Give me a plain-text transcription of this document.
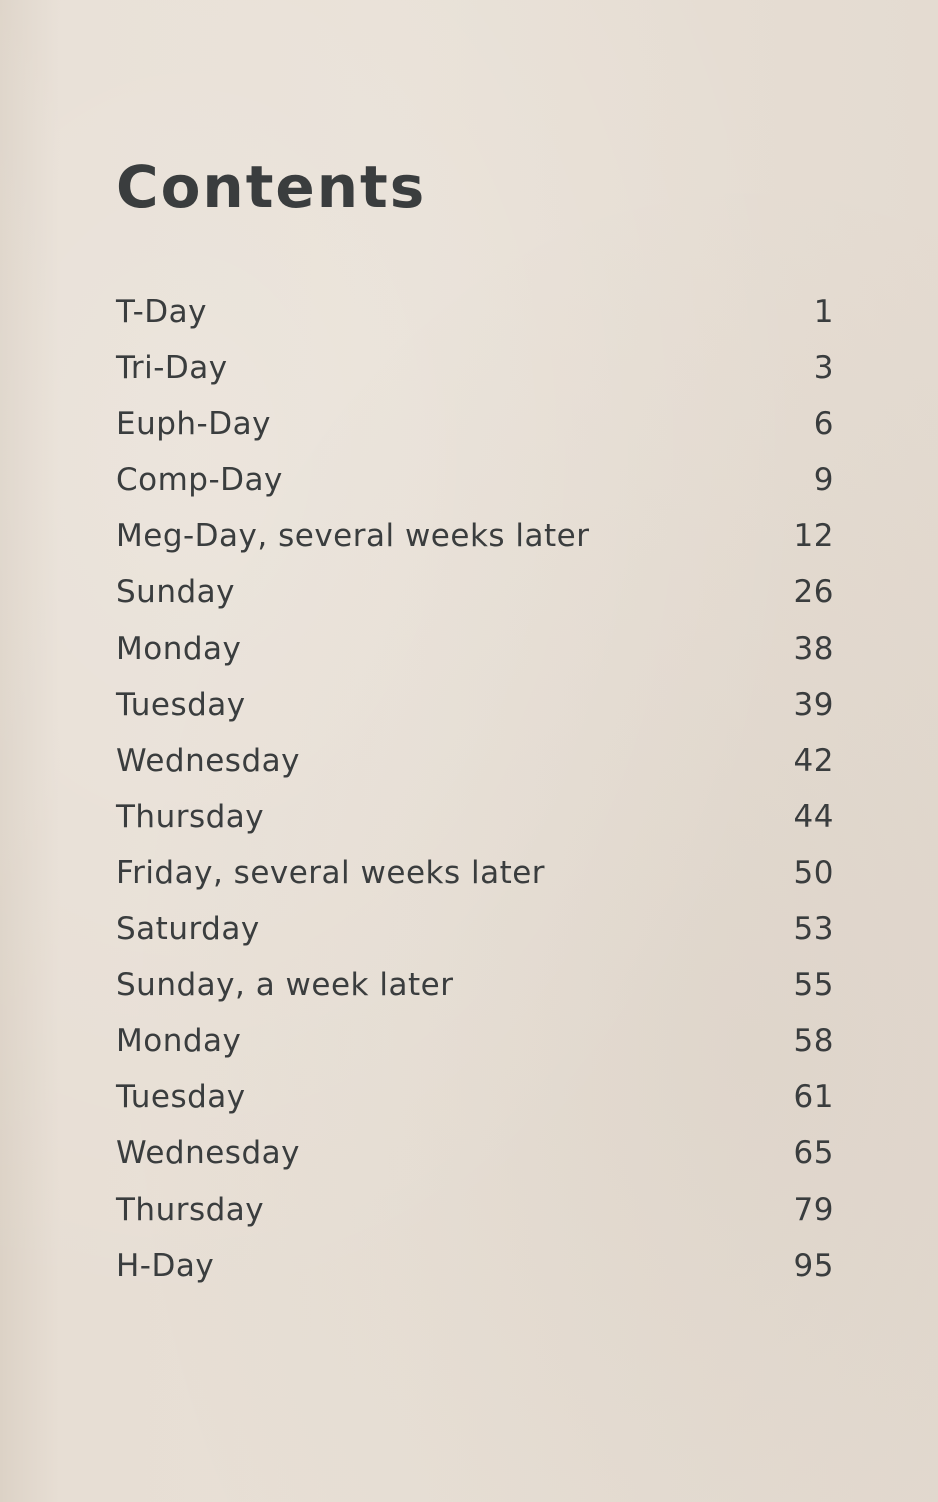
Contents
T-Day	1
Tri-Day	3
Euph-Day	6
Comp-Day	9
Meg-Day, several weeks later	12
Sunday	26
Monday	38
Tuesday	39
Wednesday	42
Thursday	44
Friday, several weeks later	50
Saturday	53
Sunday, a week later	55
Monday	58
Tuesday	61
Wednesday	65
Thursday	79
H-Day	95
